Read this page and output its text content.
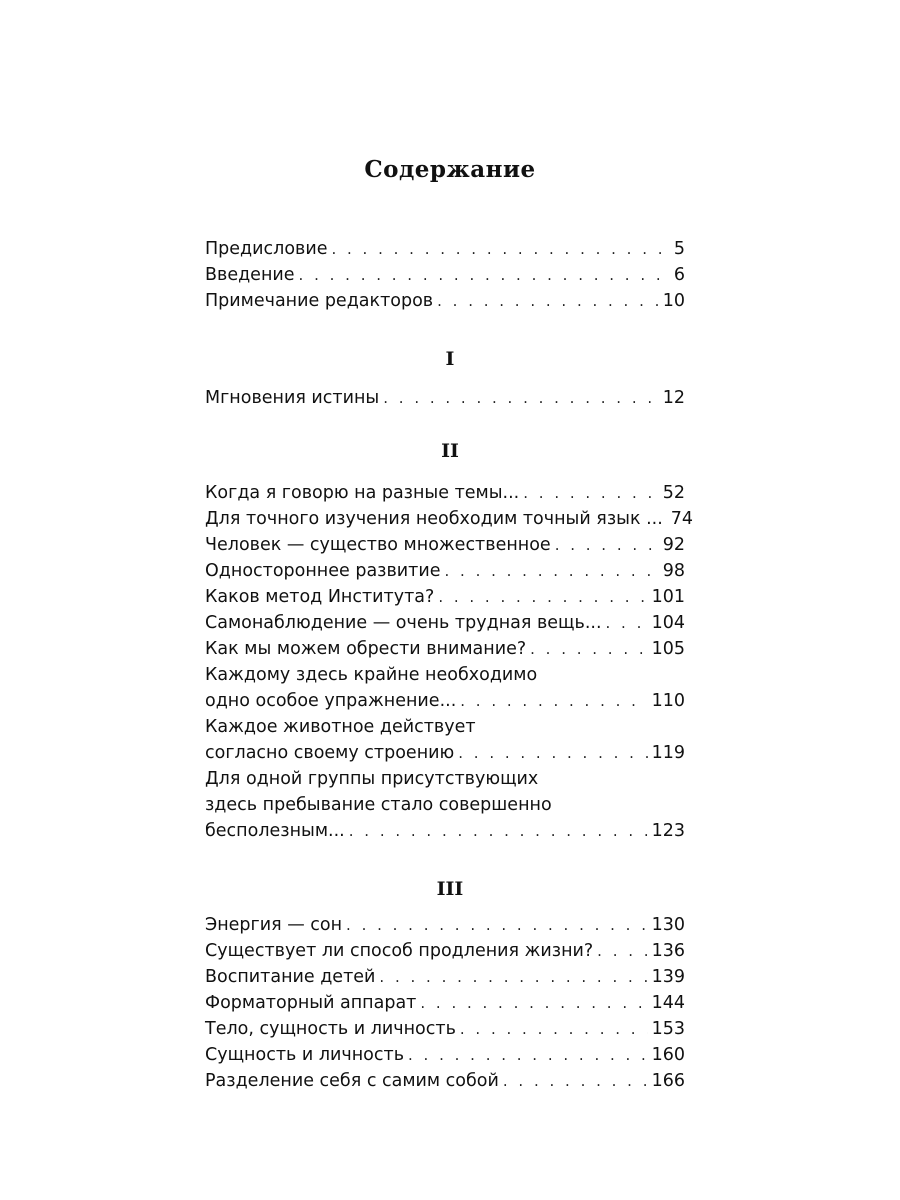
Содержание
Предисловие . . .	5
Введение . . .	6
Примечание редакторов . . .	10
I
Мгновения истины . . .	12
II
Когда я говорю на разные темы... . . .	52
Для точного изучения необходим точный язык ... 74
Человек — существо множественное . . .	92
Одностороннее развитие . . .	98
Каков метод Института? . . .	101
Самонаблюдение — очень трудная вещь... . . .	104
Как мы можем обрести внимание? . . .	105
Каждому здесь крайне необходимо
одно особое упражнение... . . .	110
Каждое животное действует
согласно своему строению . . .	119
Для одной группы присутствующих
здесь пребывание стало совершенно
бесполезным... . . .	123
III
Энергия — сон . . .	130
Существует ли способ продления жизни? . . .	136
Воспитание детей . . .	139
Форматорный аппарат . . .	144
Тело, сущность и личность . . .	153
Сущность и личность . . .	160
Разделение себя с самим собой . . .	166
